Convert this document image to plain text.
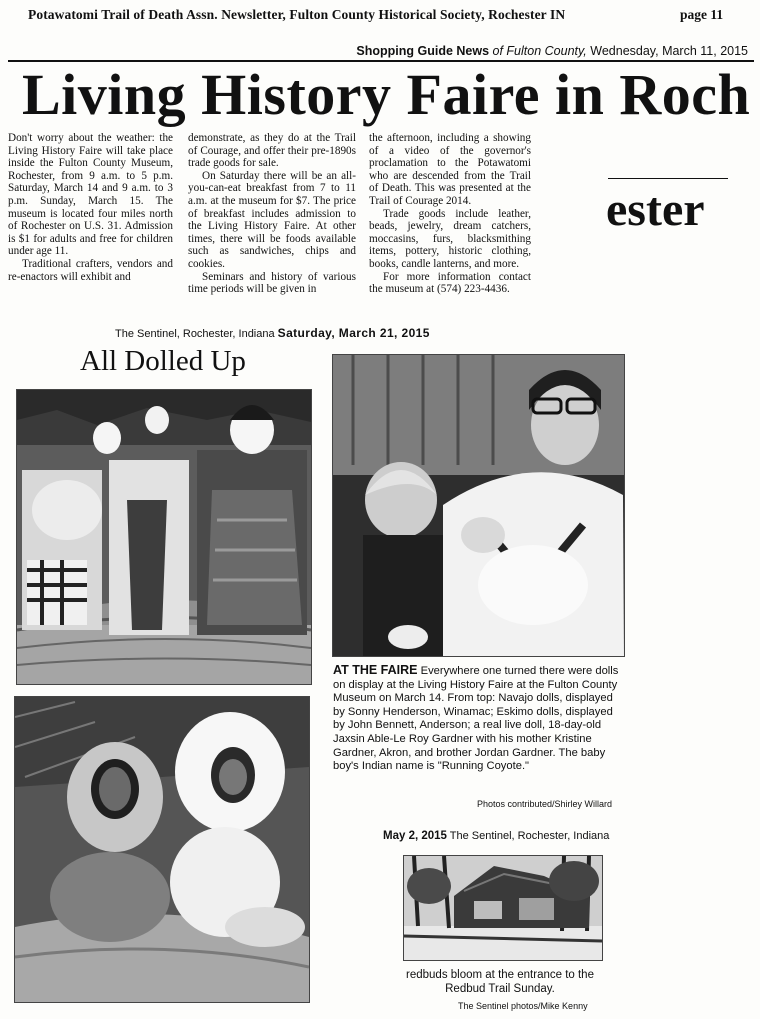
Potawatomi Trail of Death Assn. Newsletter, Fulton County Historical Society, Rochester IN	page 11
Shopping Guide News of Fulton County, Wednesday, March 11, 2015
Living History Faire in Roch
ester

Don't worry about the weather: the Living History Faire will take place inside the Fulton County Museum, Rochester, from 9 a.m. to 5 p.m. Saturday, March 14 and 9 a.m. to 3 p.m. Sunday, March 15. The museum is located four miles north of Rochester on U.S. 31. Admission is $1 for adults and free for children under age 11.

Traditional crafters, vendors and re-enactors will exhibit and

demonstrate, as they do at the Trail of Courage, and offer their pre-1890s trade goods for sale.

On Saturday there will be an all-you-can-eat breakfast from 7 to 11 a.m. at the museum for $7. The price of breakfast includes admission to the Living History Faire. At other times, there will be foods available such as sandwiches, chips and cookies.

Seminars and history of various time periods will be given in

the afternoon, including a showing of a video of the governor's proclamation to the Potawatomi who are descended from the Trail of Death. This was presented at the Trail of Courage 2014.

Trade goods include leather, beads, jewelry, dream catchers, moccasins, furs, blacksmithing items, pottery, historic clothing, books, candle lanterns, and more.

For more information contact the museum at (574) 223-4436.

The Sentinel, Rochester, Indiana Saturday, March 21, 2015
All Dolled Up
AT THE FAIRE Everywhere one turned there were dolls on display at the Living History Faire at the Fulton County Museum on March 14. From top: Navajo dolls, displayed by Sonny Henderson, Winamac; Eskimo dolls, displayed by John Bennett, Anderson; a real live doll, 18-day-old Jaxsin Able-Le Roy Gardner with his mother Kristine Gardner, Akron, and brother Jordan Gardner. The baby boy's Indian name is "Running Coyote."
Photos contributed/Shirley Willard
May 2, 2015 The Sentinel, Rochester, Indiana
redbuds bloom at the entrance to the
Redbud Trail Sunday.
The Sentinel photos/Mike Kenny
